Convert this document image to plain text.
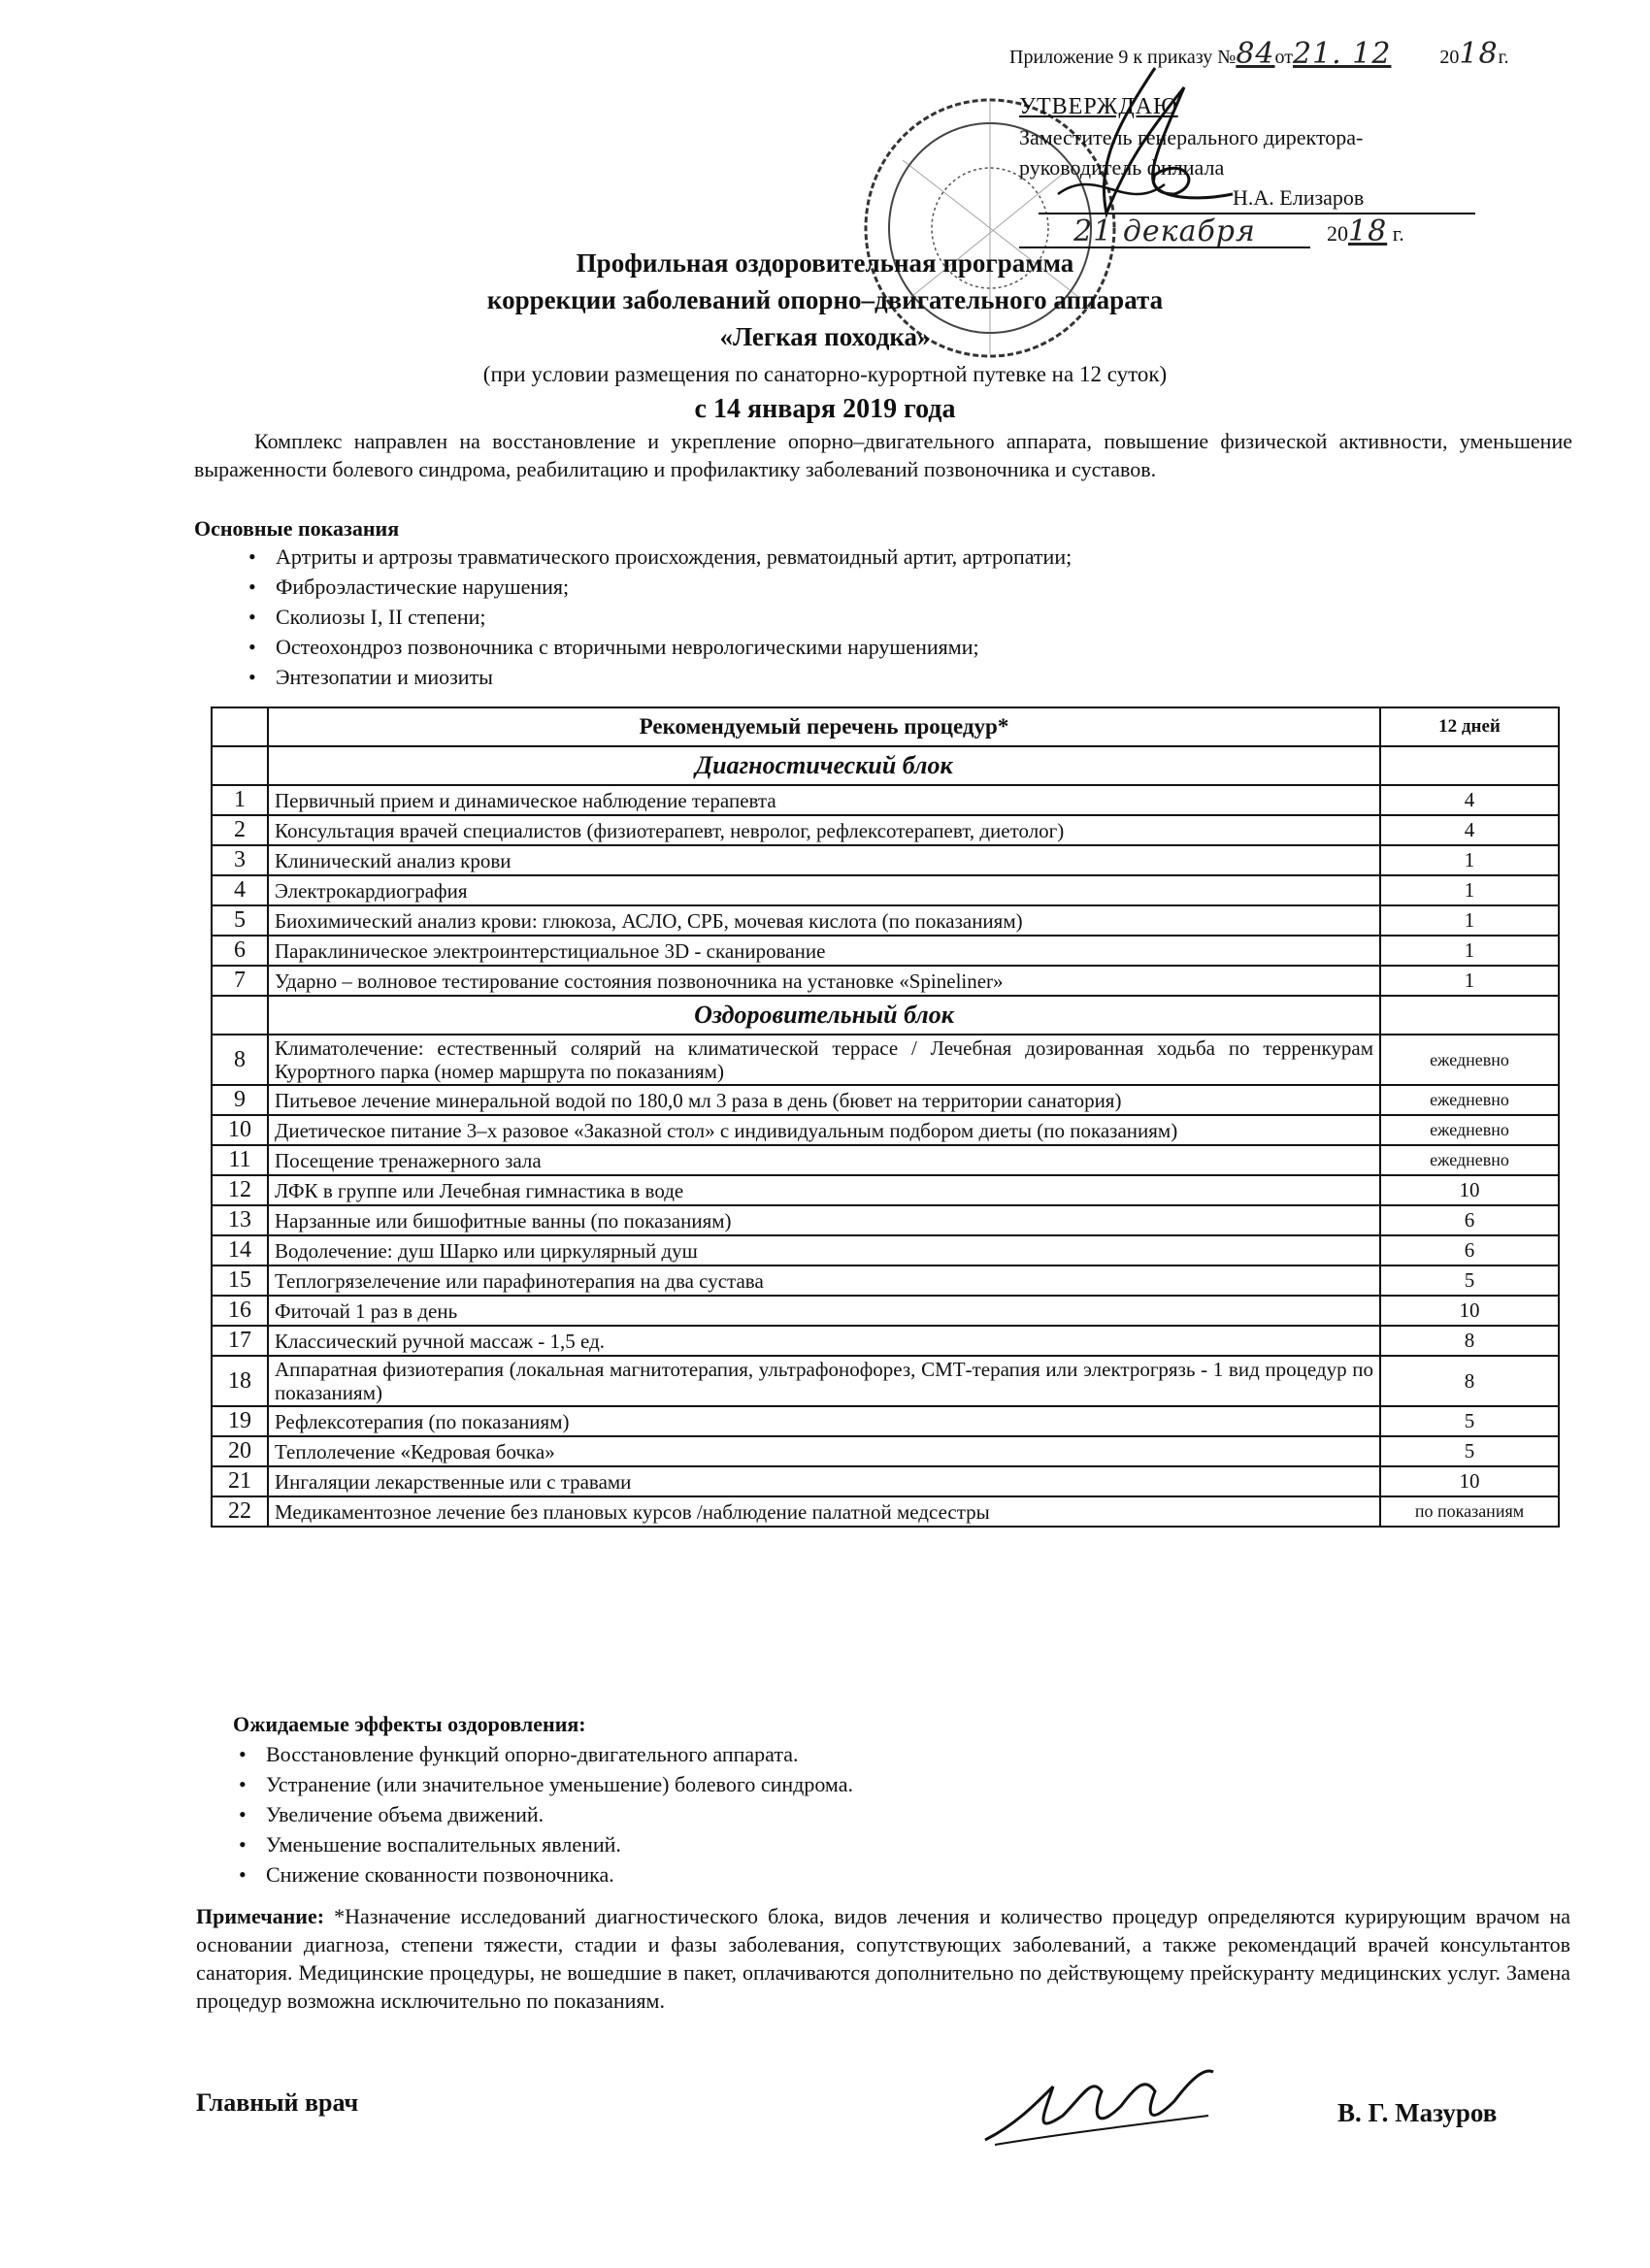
Приложение 9 к приказу №84от21. 12	2018г.
УТВЕРЖДАЮ
Заместитель генерального директора-
руководитель филиала
Н.А. Елизаров
21 декабря	2018 г.
Профильная оздоровительная программа
коррекции заболеваний опорно–двигательного аппарата
«Легкая походка»
(при условии размещения по санаторно-курортной путевке на 12 суток)
с 14 января 2019 года
Комплекс направлен на восстановление и укрепление опорно–двигательного аппарата, повышение физической активности, уменьшение выраженности болевого синдрома, реабилитацию и профилактику заболеваний позвоночника и суставов.
Основные показания
• Артриты и артрозы травматического происхождения, ревматоидный артит, артропатии;
• Фиброэластические нарушения;
• Сколиозы I, II степени;
• Остеохондроз позвоночника с вторичными неврологическими нарушениями;
• Энтезопатии и миозиты
	Рекомендуемый перечень процедур*	12 дней
	Диагностический блок	
1	Первичный прием и динамическое наблюдение терапевта	4
2	Консультация врачей специалистов (физиотерапевт, невролог, рефлексотерапевт, диетолог)	4
3	Клинический анализ крови	1
4	Электрокардиография	1
5	Биохимический анализ крови: глюкоза, АСЛО, СРБ, мочевая кислота (по показаниям)	1
6	Параклиническое электроинтерстициальное 3D - сканирование	1
7	Ударно – волновое тестирование состояния позвоночника на установке «Spineliner»	1
	Оздоровительный блок	
8	Климатолечение: естественный солярий на климатической террасе / Лечебная дозированная ходьба по терренкурам Курортного парка (номер маршрута по показаниям)	ежедневно
9	Питьевое лечение минеральной водой по 180,0 мл 3 раза в день (бювет на территории санатория)	ежедневно
10	Диетическое питание 3–х разовое «Заказной стол» с индивидуальным подбором диеты (по показаниям)	ежедневно
11	Посещение тренажерного зала	ежедневно
12	ЛФК в группе или Лечебная гимнастика в воде	10
13	Нарзанные или бишофитные ванны (по показаниям)	6
14	Водолечение: душ Шарко или циркулярный душ	6
15	Теплогрязелечение или парафинотерапия на два сустава	5
16	Фиточай 1 раз в день	10
17	Классический ручной массаж - 1,5 ед.	8
18	Аппаратная физиотерапия (локальная магнитотерапия, ультрафонофорез, СМТ-терапия или электрогрязь - 1 вид процедур по показаниям)	8
19	Рефлексотерапия (по показаниям)	5
20	Теплолечение «Кедровая бочка»	5
21	Ингаляции лекарственные или с травами	10
22	Медикаментозное лечение без плановых курсов /наблюдение палатной медсестры	по показаниям
Ожидаемые эффекты оздоровления:
• Восстановление функций опорно-двигательного аппарата.
• Устранение (или значительное уменьшение) болевого синдрома.
• Увеличение объема движений.
• Уменьшение воспалительных явлений.
• Снижение скованности позвоночника.
Примечание: *Назначение исследований диагностического блока, видов лечения и количество процедур определяются курирующим врачом на основании диагноза, степени тяжести, стадии и фазы заболевания, сопутствующих заболеваний, а также рекомендаций врачей консультантов санатория. Медицинские процедуры, не вошедшие в пакет, оплачиваются дополнительно по действующему прейскуранту медицинских услуг. Замена процедур возможна исключительно по показаниям.
Главный врач	В. Г. Мазуров
